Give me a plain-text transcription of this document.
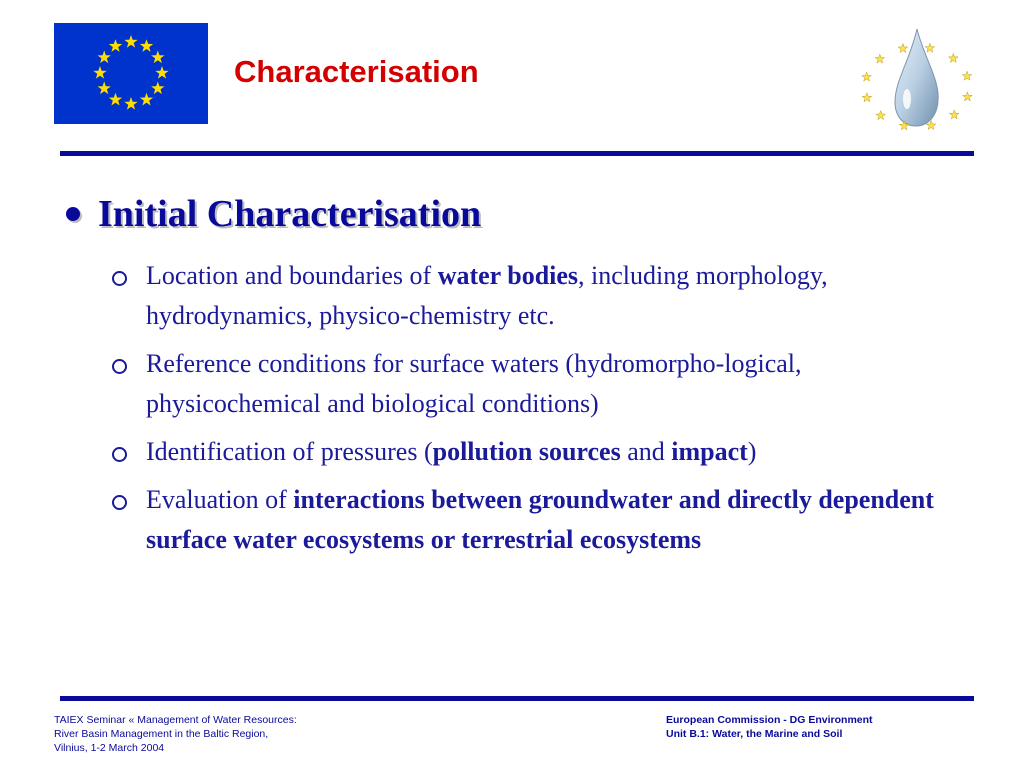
Characterisation
Initial Characterisation
Location and boundaries of water bodies, including morphology, hydrodynamics, physico-chemistry etc.
Reference conditions for surface waters (hydromorpho-logical, physicochemical and biological conditions)
Identification of pressures (pollution sources and impact)
Evaluation of interactions between groundwater and directly dependent surface water ecosystems or terrestrial ecosystems
TAIEX Seminar « Management of Water Resources:
River Basin Management in the Baltic Region,
Vilnius, 1-2 March 2004
European Commission - DG Environment
Unit B.1: Water, the Marine and Soil
